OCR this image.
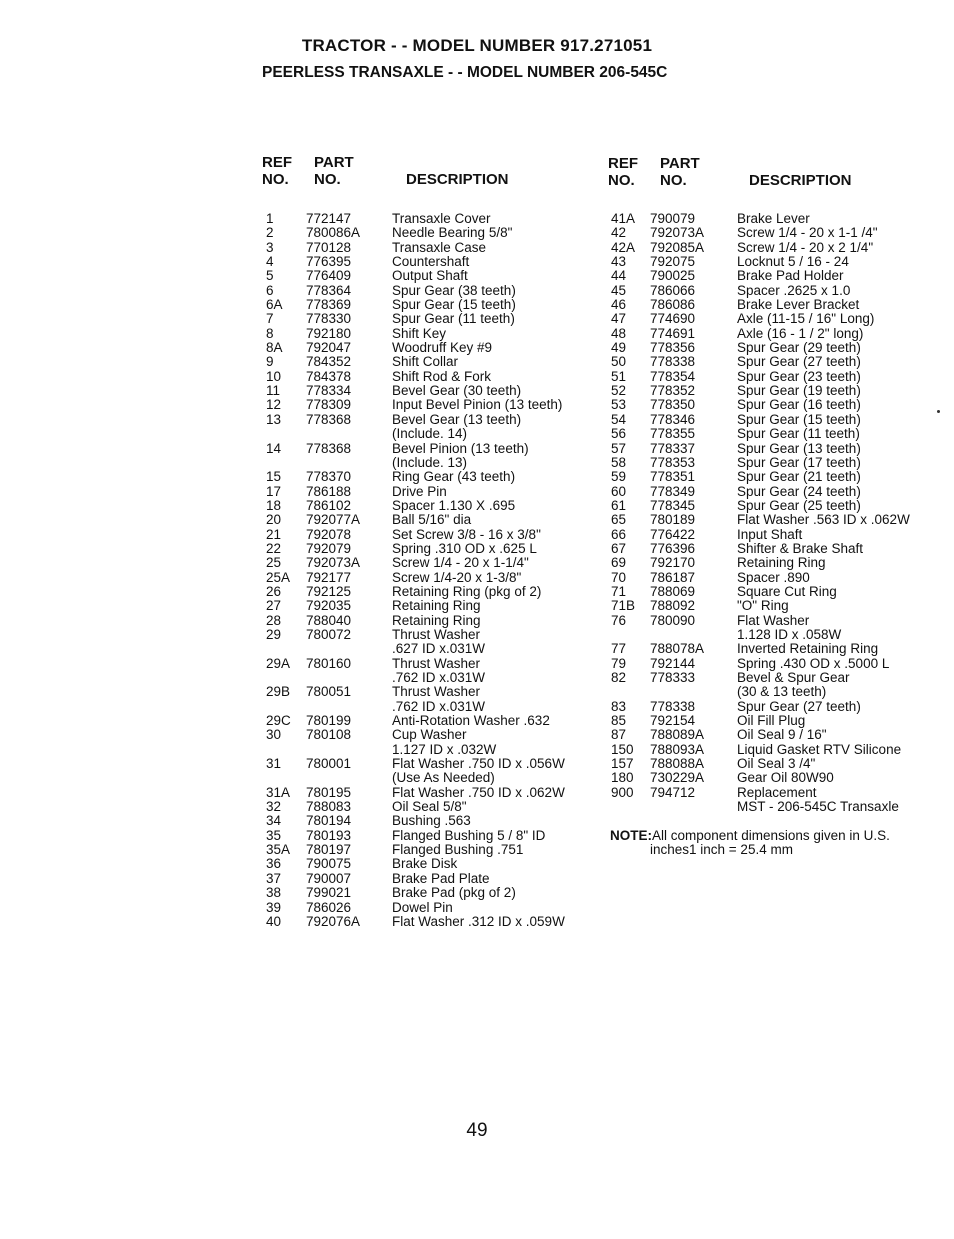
TRACTOR - - MODEL NUMBER 917.271051
PEERLESS TRANSAXLE - - MODEL NUMBER 206-545C
REF
NO.
PART
NO.	DESCRIPTION
REF
NO.
PART
NO.	DESCRIPTION
1 772147	Transaxle Cover
2 780086A Needle Bearing 5/8"
3 770128	Transaxle Case
4 776395	Countershaft
5 776409	Output Shaft
6 778364	Spur Gear (38 teeth)
6A 778369	Spur Gear (15 teeth)
7 778330	Spur Gear (11 teeth)
8 792180	Shift Key
8A 792047	Woodruff Key #9
9 784352	Shift Collar
10 784378	Shift Rod & Fork
11 778334	Bevel Gear (30 teeth)
12 778309	Input Bevel Pinion (13 teeth)
13 778368	Bevel Gear (13 teeth)
(Include. 14)
14 778368	Bevel Pinion (13 teeth)
(Include. 13)
15 778370	Ring Gear (43 teeth)
17 786188	Drive Pin
18 786102	Spacer 1.130 X .695
20 792077A Ball 5/16" dia
21 792078	Set Screw 3/8 - 16 x 3/8"
22 792079	Spring .310 OD x .625 L
25 792073A Screw 1/4 - 20 x 1-1/4"
25A 792177	Screw 1/4-20 x 1-3/8"
26 792125	Retaining Ring (pkg of 2)
27 792035	Retaining Ring
28 788040	Retaining Ring
29 780072	Thrust Washer
.627 ID x.031W
29A 780160	Thrust Washer
.762 ID x.031W
29B 780051	Thrust Washer
.762 ID x.031W
29C 780199	Anti-Rotation Washer .632
30 780108	Cup Washer
1.127 ID x .032W
31 780001	Flat Washer .750 ID x .056W
(Use As Needed)
31A 780195	Flat Washer .750 ID x .062W
32 788083	Oil Seal 5/8"
34 780194	Bushing .563
35 780193	Flanged Bushing 5 / 8" ID
35A 780197	Flanged Bushing .751
36 790075	Brake Disk
37 790007	Brake Pad Plate
38 799021	Brake Pad (pkg of 2)
39 786026	Dowel Pin
40 792076A Flat Washer .312 ID x .059W
41A 790079	Brake Lever
42 792073A Screw 1/4 - 20 x 1-1 /4"
42A 792085A Screw 1/4 - 20 x 2 1/4"
43 792075	Locknut 5 / 16 - 24
44 790025	Brake Pad Holder
45 786066	Spacer .2625 x 1.0
46 786086	Brake Lever Bracket
47 774690	Axle (11-15 / 16" Long)
48 774691	Axle (16 - 1 / 2" long)
49 778356	Spur Gear (29 teeth)
50 778338	Spur Gear (27 teeth)
51 778354	Spur Gear (23 teeth)
52 778352	Spur Gear (19 teeth)
53 778350	Spur Gear (16 teeth)
54 778346	Spur Gear (15 teeth)
56 778355	Spur Gear (11 teeth)
57 778337	Spur Gear (13 teeth)
58 778353	Spur Gear (17 teeth)
59 778351	Spur Gear (21 teeth)
60 778349	Spur Gear (24 teeth)
61 778345	Spur Gear (25 teeth)
65 780189	Flat Washer .563 ID x .062W
66 776422	Input Shaft
67 776396	Shifter & Brake Shaft
69 792170	Retaining Ring
70 786187	Spacer .890
71 788069	Square Cut Ring
71B 788092	"O" Ring
76 780090	Flat Washer
1.128 ID x .058W
77 788078A Inverted Retaining Ring
79 792144	Spring .430 OD x .5000 L
82 778333	Bevel & Spur Gear
(30 & 13 teeth)
83 778338	Spur Gear (27 teeth)
85 792154	Oil Fill Plug
87 788089A Oil Seal 9 / 16"
150 788093A Liquid Gasket RTV Silicone
157 788088A Oil Seal 3 /4"
180 730229A Gear Oil 80W90
900 794712	Replacement
MST - 206-545C Transaxle
NOTE:All component dimensions given in U.S.
inches1 inch = 25.4 mm
49
